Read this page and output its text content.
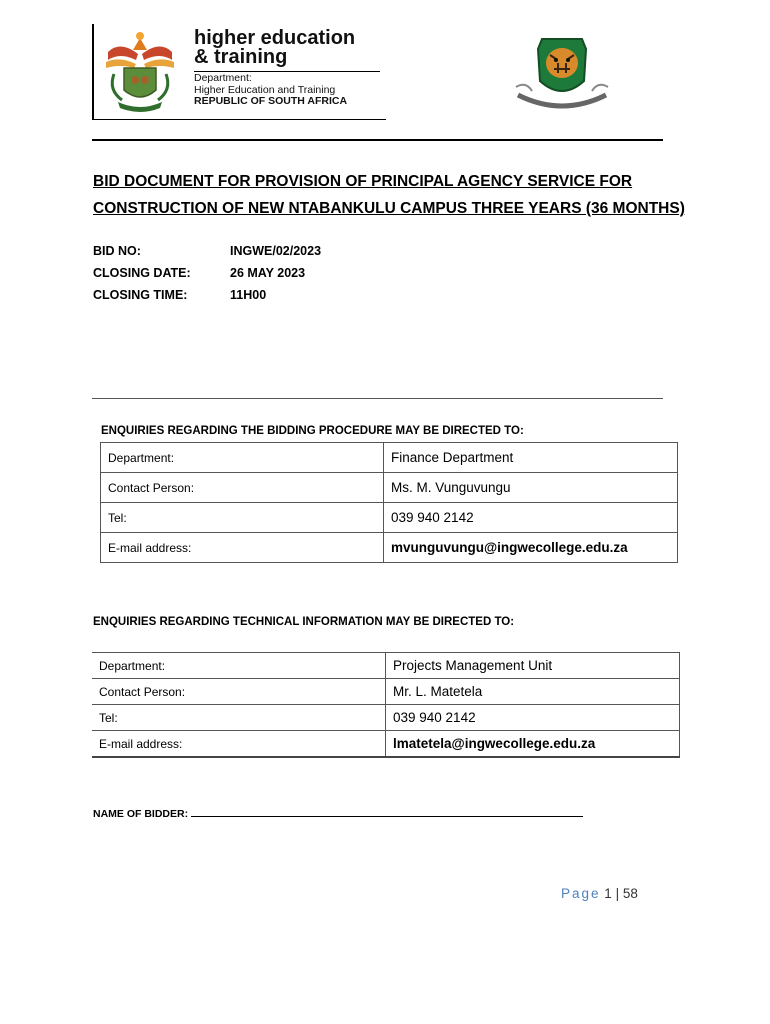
higher education
& training
Department:
Higher Education and Training
REPUBLIC OF SOUTH AFRICA
BID DOCUMENT FOR PROVISION OF PRINCIPAL AGENCY SERVICE FOR
CONSTRUCTION OF NEW NTABANKULU CAMPUS THREE YEARS (36 MONTHS)
BID NO:	INGWE/02/2023
CLOSING DATE:	26 MAY 2023
CLOSING TIME:	11H00
ENQUIRIES REGARDING THE BIDDING PROCEDURE MAY BE DIRECTED TO:
Department:	Finance Department
Contact Person:	Ms. M. Vunguvungu
Tel:	039 940 2142
E-mail address:	mvunguvungu@ingwecollege.edu.za
ENQUIRIES REGARDING TECHNICAL INFORMATION MAY BE DIRECTED TO:
Department:	Projects Management Unit
Contact Person:	Mr. L. Matetela
Tel:	039 940 2142
E-mail address:	lmatetela@ingwecollege.edu.za
NAME OF BIDDER:
Page 1 | 58
